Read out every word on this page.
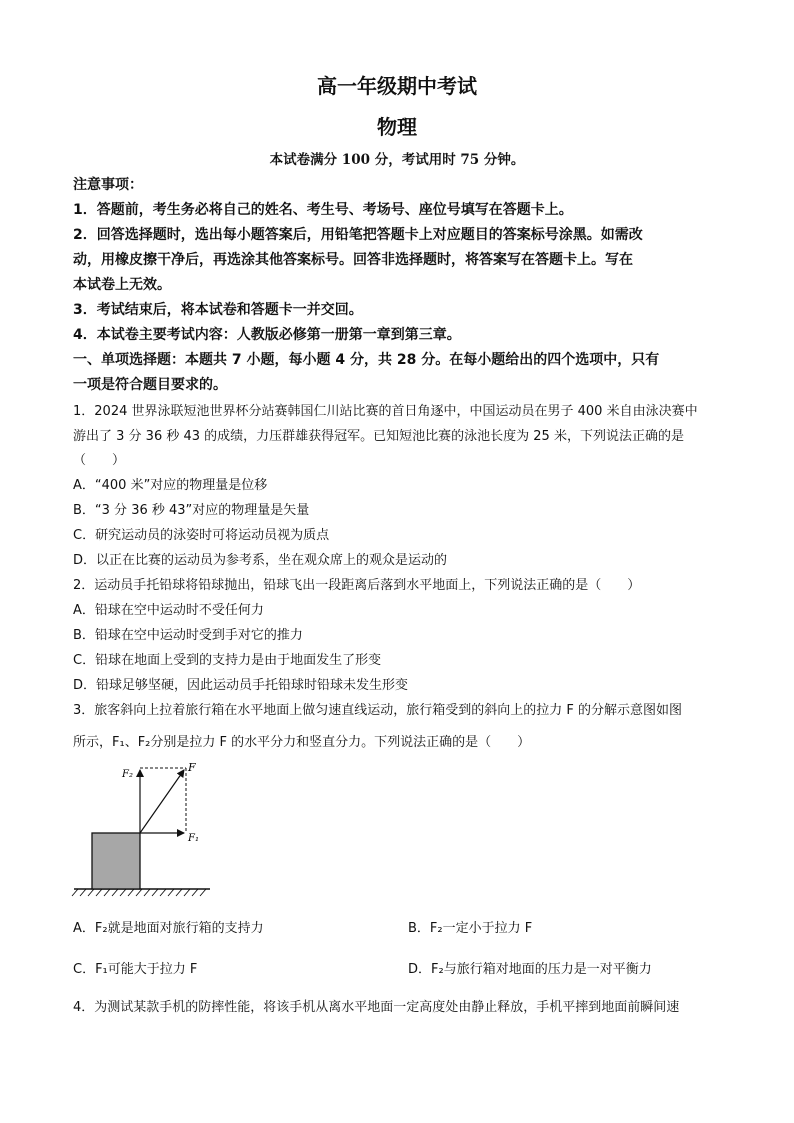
高一年级期中考试
物理
本试卷满分 100 分，考试用时 75 分钟。
注意事项：
1．答题前，考生务必将自己的姓名、考生号、考场号、座位号填写在答题卡上。
2．回答选择题时，选出每小题答案后，用铅笔把答题卡上对应题目的答案标号涂黑。如需改
动，用橡皮擦干净后，再选涂其他答案标号。回答非选择题时，将答案写在答题卡上。写在
本试卷上无效。
3．考试结束后，将本试卷和答题卡一并交回。
4．本试卷主要考试内容：人教版必修第一册第一章到第三章。
一、单项选择题：本题共 7 小题，每小题 4 分，共 28 分。在每小题给出的四个选项中，只有
一项是符合题目要求的。
1．2024 世界泳联短池世界杯分站赛韩国仁川站比赛的首日角逐中，中国运动员在男子 400 米自由泳决赛中
游出了 3 分 36 秒 43 的成绩，力压群雄获得冠军。已知短池比赛的泳池长度为 25 米，下列说法正确的是
（　　）
A．“400 米”对应的物理量是位移
B．“3 分 36 秒 43”对应的物理量是矢量
C．研究运动员的泳姿时可将运动员视为质点
D．以正在比赛的运动员为参考系，坐在观众席上的观众是运动的
2．运动员手托铅球将铅球抛出，铅球飞出一段距离后落到水平地面上，下列说法正确的是（　　）
A．铅球在空中运动时不受任何力
B．铅球在空中运动时受到手对它的推力
C．铅球在地面上受到的支持力是由于地面发生了形变
D．铅球足够坚硬，因此运动员手托铅球时铅球未发生形变
3．旅客斜向上拉着旅行箱在水平地面上做匀速直线运动，旅行箱受到的斜向上的拉力 F 的分解示意图如图
所示，F₁、F₂分别是拉力 F 的水平分力和竖直分力。下列说法正确的是（　　）
F
F₁
F₂
A．F₂就是地面对旅行箱的支持力	B．F₂一定小于拉力 F
C．F₁可能大于拉力 F	D．F₂与旅行箱对地面的压力是一对平衡力
4．为测试某款手机的防摔性能，将该手机从离水平地面一定高度处由静止释放，手机平摔到地面前瞬间速
